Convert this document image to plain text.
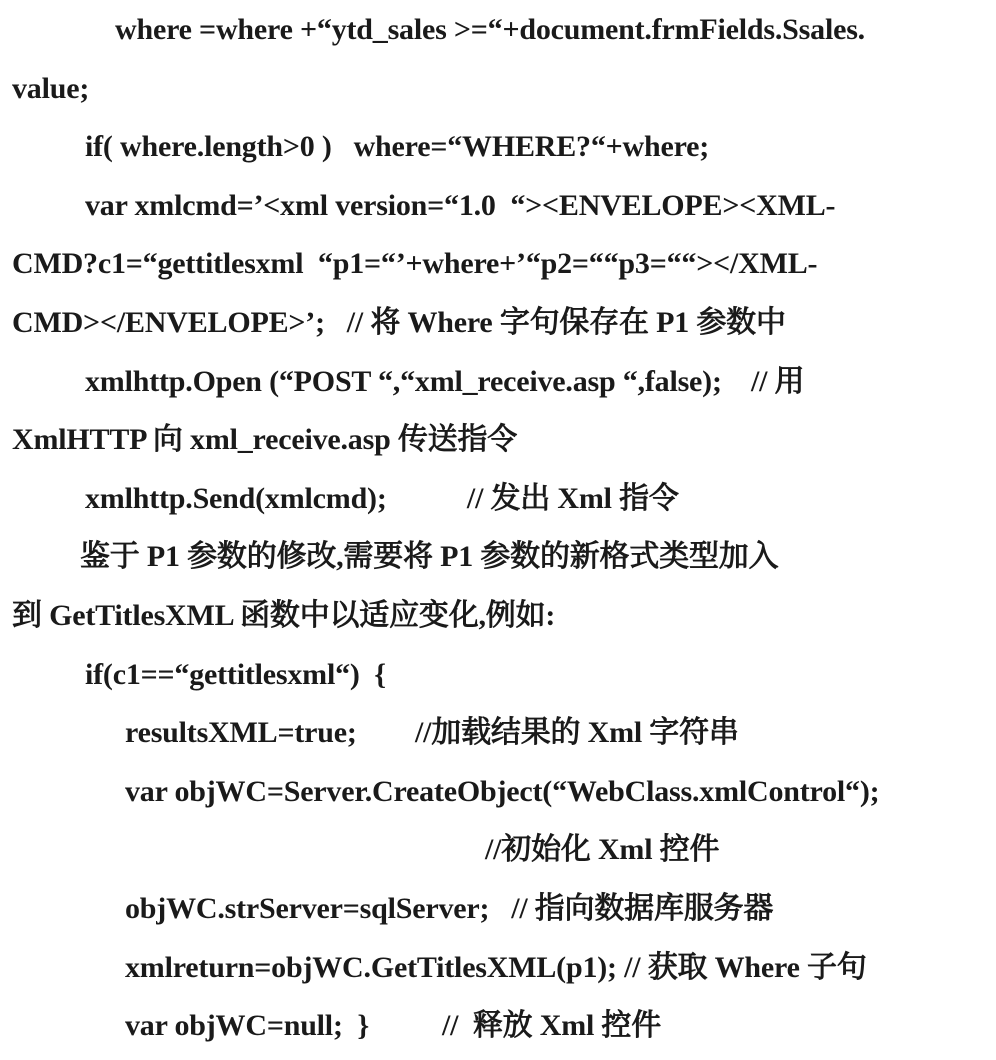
where =where +“ytd_sales >=“+document.frmFields.Ssales.
value;
if( where.length>0 )   where=“WHERE?“+where;
var xmlcmd=’<xml version=“1.0  “><ENVELOPE><XML-
CMD?c1=“gettitlesxml  “p1=“’+where+’“p2=““p3=““></XML-
CMD></ENVELOPE>’;   // 将 Where 字句保存在 P1 参数中
xmlhttp.Open (“POST “,“xml_receive.asp “,false);    // 用
XmlHTTP 向 xml_receive.asp 传送指令
xmlhttp.Send(xmlcmd);           // 发出 Xml 指令
鉴于 P1 参数的修改,需要将 P1 参数的新格式类型加入
到 GetTitlesXML 函数中以适应变化,例如:
if(c1==“gettitlesxml“)  {
resultsXML=true;        //加载结果的 Xml 字符串
var objWC=Server.CreateObject(“WebClass.xmlControl“);
//初始化 Xml 控件
objWC.strServer=sqlServer;   // 指向数据库服务器
xmlreturn=objWC.GetTitlesXML(p1); // 获取 Where 子句
var objWC=null;  }          //  释放 Xml 控件
